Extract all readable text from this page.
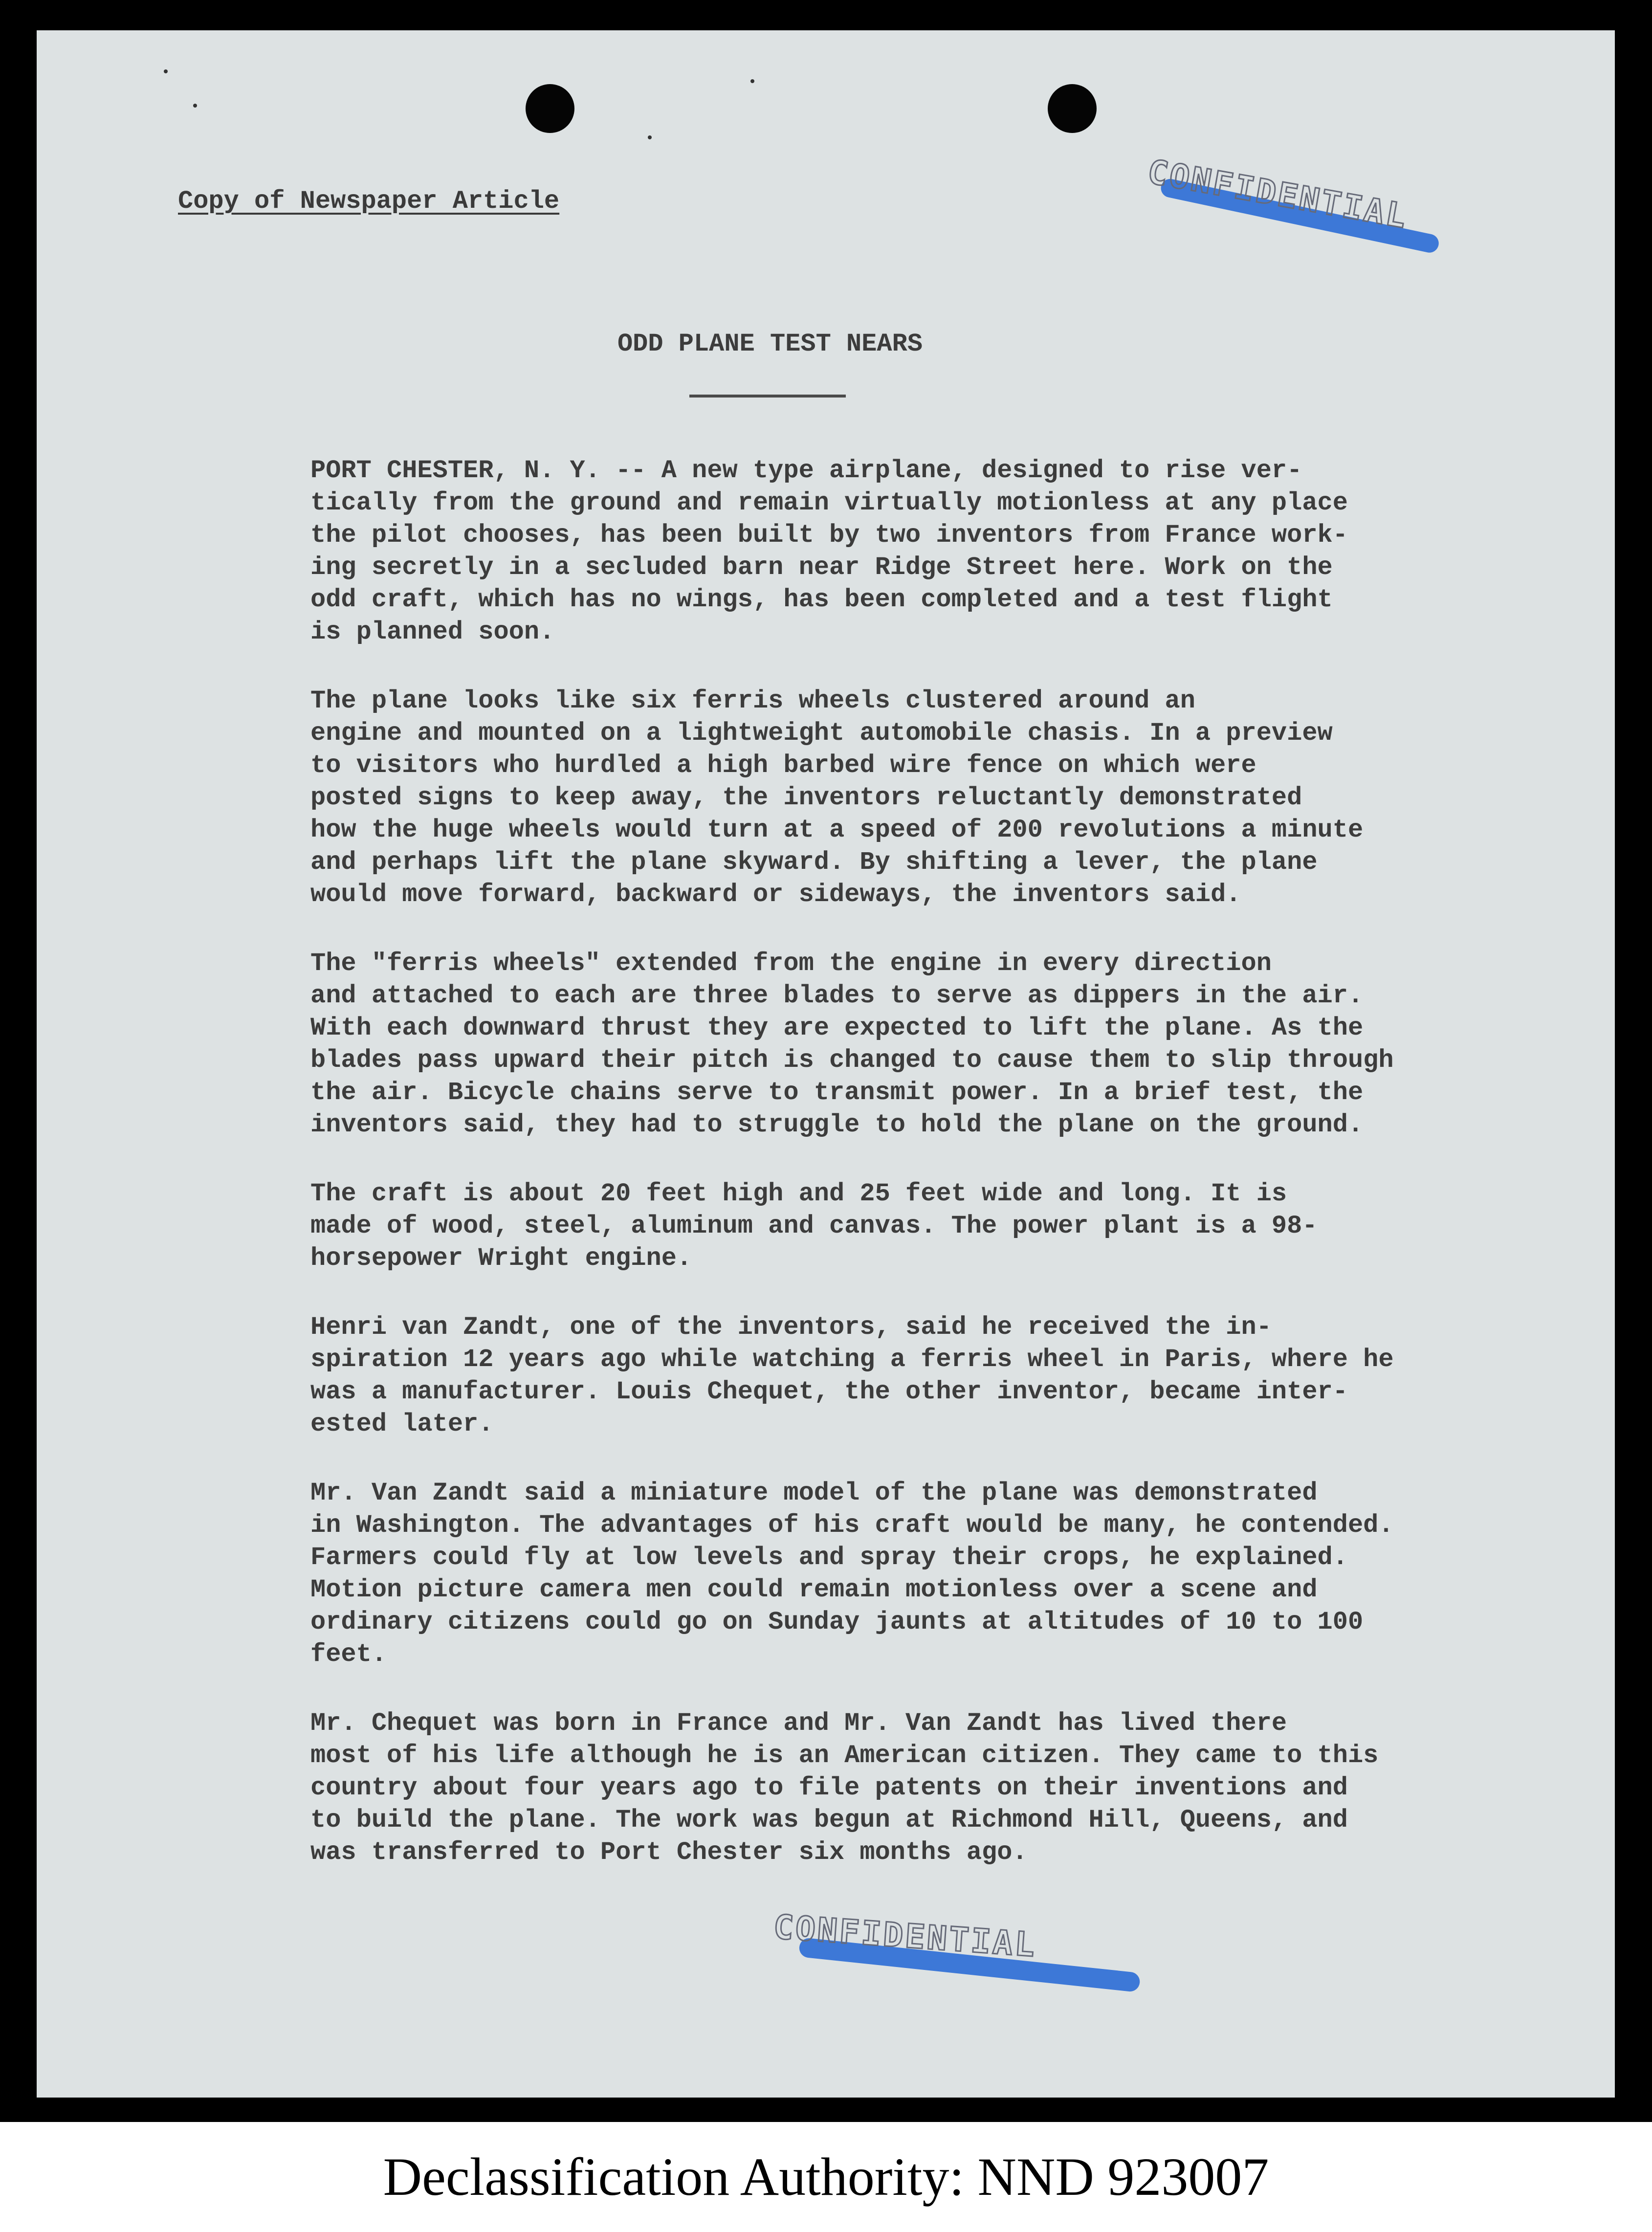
Copy of Newspaper Article	CONFIDENTIAL
ODD PLANE TEST NEARS
PORT CHESTER, N. Y. -- A new type airplane, designed to rise ver-
tically from the ground and remain virtually motionless at any place
the pilot chooses, has been built by two inventors from France work-
ing secretly in a secluded barn near Ridge Street here. Work on the
odd craft, which has no wings, has been completed and a test flight
is planned soon.
The plane looks like six ferris wheels clustered around an
engine and mounted on a lightweight automobile chasis. In a preview
to visitors who hurdled a high barbed wire fence on which were
posted signs to keep away, the inventors reluctantly demonstrated
how the huge wheels would turn at a speed of 200 revolutions a minute
and perhaps lift the plane skyward. By shifting a lever, the plane
would move forward, backward or sideways, the inventors said.
The "ferris wheels" extended from the engine in every direction
and attached to each are three blades to serve as dippers in the air.
With each downward thrust they are expected to lift the plane. As the
blades pass upward their pitch is changed to cause them to slip through
the air. Bicycle chains serve to transmit power. In a brief test, the
inventors said, they had to struggle to hold the plane on the ground.
The craft is about 20 feet high and 25 feet wide and long. It is
made of wood, steel, aluminum and canvas. The power plant is a 98-
horsepower Wright engine.
Henri van Zandt, one of the inventors, said he received the in-
spiration 12 years ago while watching a ferris wheel in Paris, where he
was a manufacturer. Louis Chequet, the other inventor, became inter-
ested later.
Mr. Van Zandt said a miniature model of the plane was demonstrated
in Washington. The advantages of his craft would be many, he contended.
Farmers could fly at low levels and spray their crops, he explained.
Motion picture camera men could remain motionless over a scene and
ordinary citizens could go on Sunday jaunts at altitudes of 10 to 100
feet.
Mr. Chequet was born in France and Mr. Van Zandt has lived there
most of his life although he is an American citizen. They came to this
country about four years ago to file patents on their inventions and
to build the plane. The work was begun at Richmond Hill, Queens, and
was transferred to Port Chester six months ago.
CONFIDENTIAL
Declassification Authority: NND 923007
